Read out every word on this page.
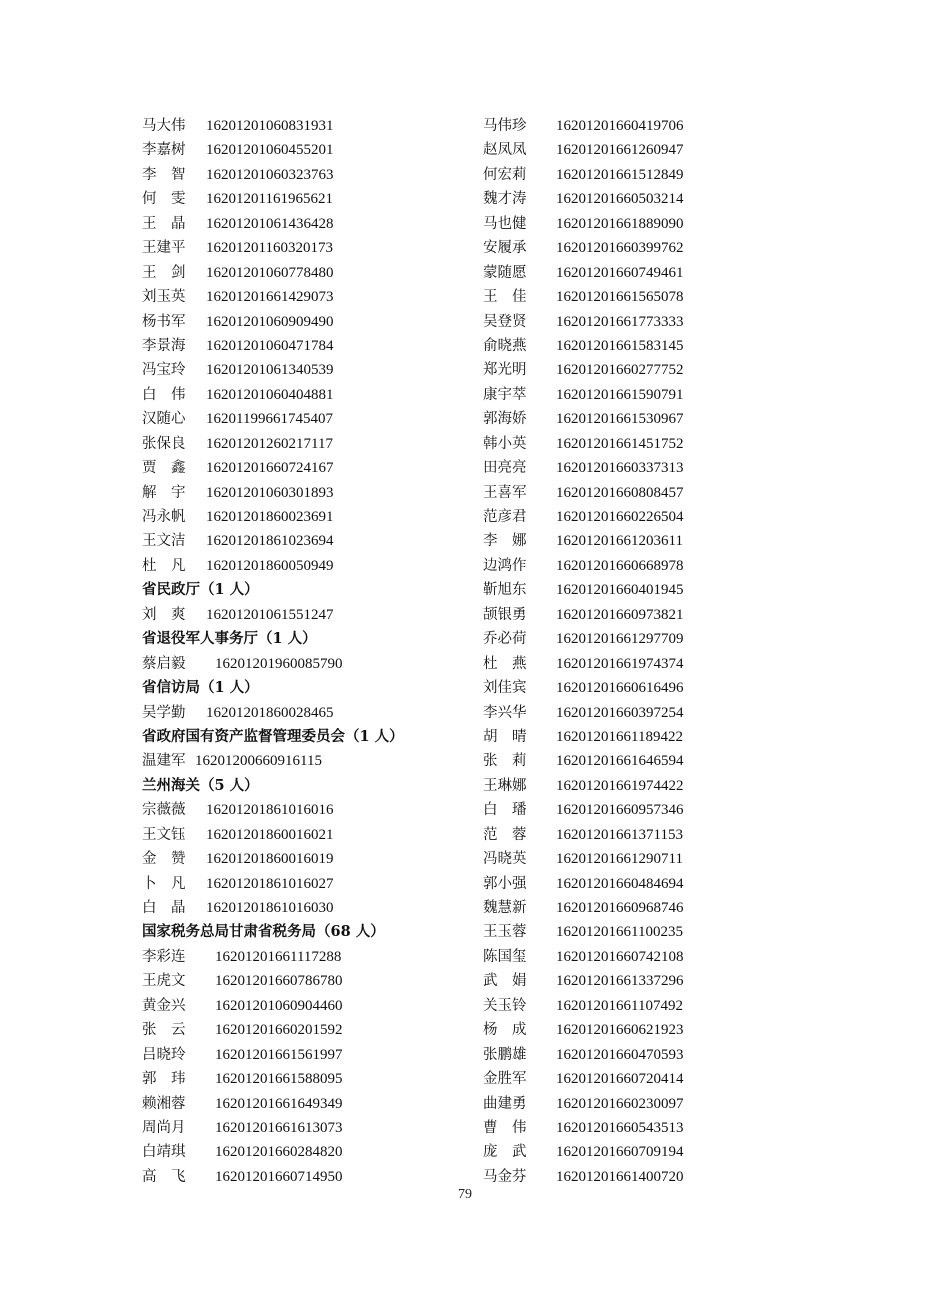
马大伟 16201201060831931
李嘉树 16201201060455201
李　智 16201201060323763
何　雯 16201201161965621
王　晶 16201201061436428
王建平 16201201160320173
王　剑 16201201060778480
刘玉英 16201201661429073
杨书军 16201201060909490
李景海 16201201060471784
冯宝玲 16201201061340539
白　伟 16201201060404881
汉随心 16201199661745407
张保良 16201201260217117
贾　鑫 16201201660724167
解　宇 16201201060301893
冯永帆 16201201860023691
王文洁 16201201861023694
杜　凡 16201201860050949
省民政厅（1 人）
刘　爽 16201201061551247
省退役军人事务厅（1 人）
蔡启毅 16201201960085790
省信访局（1 人）
吴学勤 16201201860028465
省政府国有资产监督管理委员会（1 人）
温建军 16201200660916115
兰州海关（5 人）
宗薇薇 16201201861016016
王文钰 16201201860016021
金　赞 16201201860016019
卜　凡 16201201861016027
白　晶 16201201861016030
国家税务总局甘肃省税务局（68 人）
李彩连 16201201661117288
王虎文 16201201660786780
黄金兴 16201201060904460
张　云 16201201660201592
吕晓玲 16201201661561997
郭　玮 16201201661588095
赖湘蓉 16201201661649349
周尚月 16201201661613073
白靖琪 16201201660284820
高　飞 16201201660714950
马伟珍 16201201660419706
赵凤凤 16201201661260947
何宏莉 16201201661512849
魏才涛 16201201660503214
马也健 16201201661889090
安履承 16201201660399762
蒙随愿 16201201660749461
王　佳 16201201661565078
吴登贤 16201201661773333
俞晓燕 16201201661583145
郑光明 16201201660277752
康宇萃 16201201661590791
郭海娇 16201201661530967
韩小英 16201201661451752
田亮亮 16201201660337313
王喜军 16201201660808457
范彦君 16201201660226504
李　娜 16201201661203611
边鸿作 16201201660668978
靳旭东 16201201660401945
颉银勇 16201201660973821
乔必荷 16201201661297709
杜　燕 16201201661974374
刘佳宾 16201201660616496
李兴华 16201201660397254
胡　晴 16201201661189422
张　莉 16201201661646594
王琳娜 16201201661974422
白　璠 16201201660957346
范　蓉 16201201661371153
冯晓英 16201201661290711
郭小强 16201201660484694
魏慧新 16201201660968746
王玉蓉 16201201661100235
陈国玺 16201201660742108
武　娟 16201201661337296
关玉铃 16201201661107492
杨　成 16201201660621923
张鹏雄 16201201660470593
金胜军 16201201660720414
曲建勇 16201201660230097
曹　伟 16201201660543513
庞　武 16201201660709194
马金芬 16201201661400720
79
